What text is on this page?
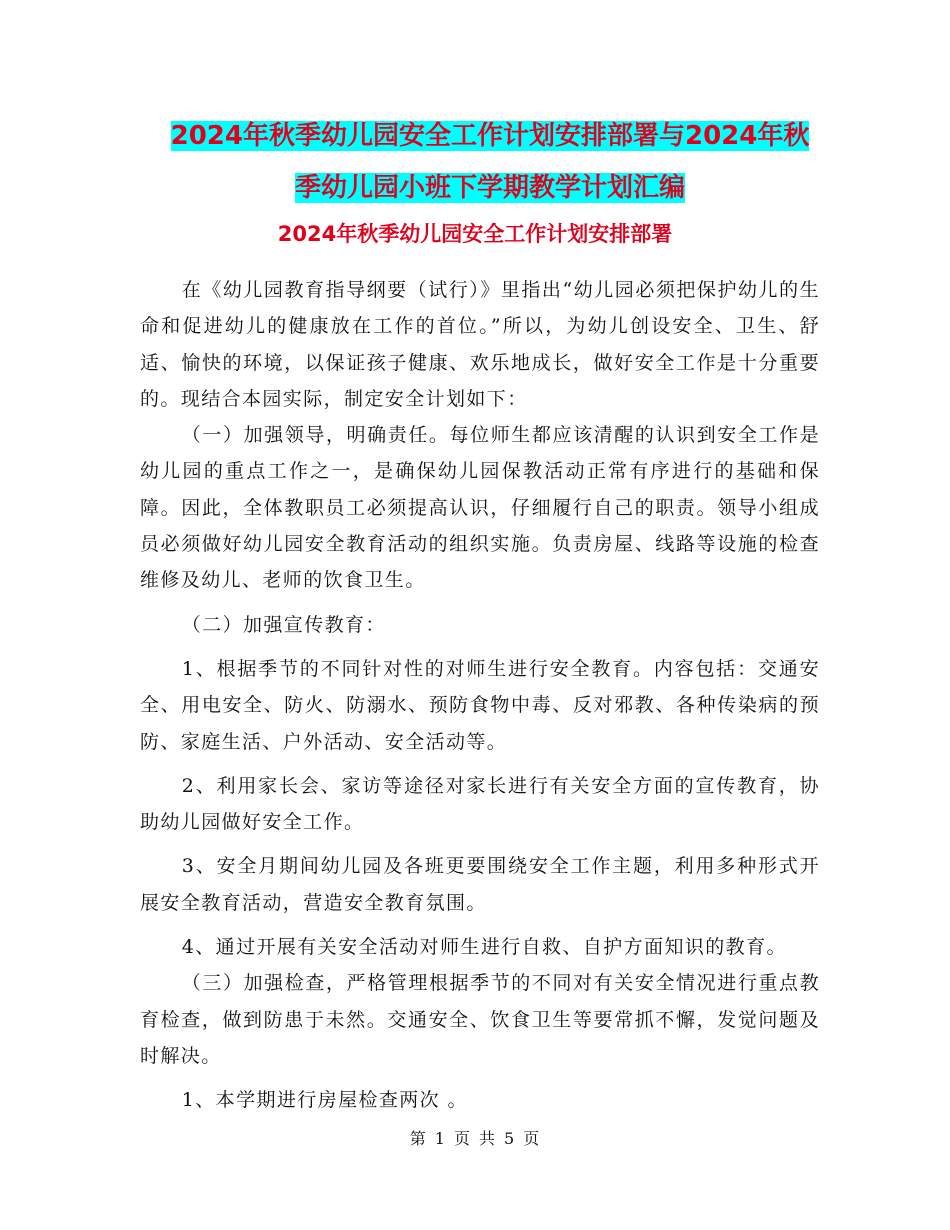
2024年秋季幼儿园安全工作计划安排部署与2024年秋
季幼儿园小班下学期教学计划汇编
2024年秋季幼儿园安全工作计划安排部署

在《幼儿园教育指导纲要（试行）》里指出“幼儿园必须把保护幼儿的生命和促进幼儿的健康放在工作的首位。”所以，为幼儿创设安全、卫生、舒适、愉快的环境，以保证孩子健康、欢乐地成长，做好安全工作是十分重要的。现结合本园实际，制定安全计划如下：

（一）加强领导，明确责任。每位师生都应该清醒的认识到安全工作是幼儿园的重点工作之一，是确保幼儿园保教活动正常有序进行的基础和保障。因此，全体教职员工必须提高认识，仔细履行自己的职责。领导小组成员必须做好幼儿园安全教育活动的组织实施。负责房屋、线路等设施的检查维修及幼儿、老师的饮食卫生。

（二）加强宣传教育：

1、根据季节的不同针对性的对师生进行安全教育。内容包括：交通安全、用电安全、防火、防溺水、预防食物中毒、反对邪教、各种传染病的预防、家庭生活、户外活动、安全活动等。

2、利用家长会、家访等途径对家长进行有关安全方面的宣传教育，协助幼儿园做好安全工作。

3、安全月期间幼儿园及各班更要围绕安全工作主题，利用多种形式开展安全教育活动，营造安全教育氛围。

4、通过开展有关安全活动对师生进行自救、自护方面知识的教育。

（三）加强检查，严格管理根据季节的不同对有关安全情况进行重点教育检查，做到防患于未然。交通安全、饮食卫生等要常抓不懈，发觉问题及时解决。

1、本学期进行房屋检查两次 。

第 1 页 共 5 页
